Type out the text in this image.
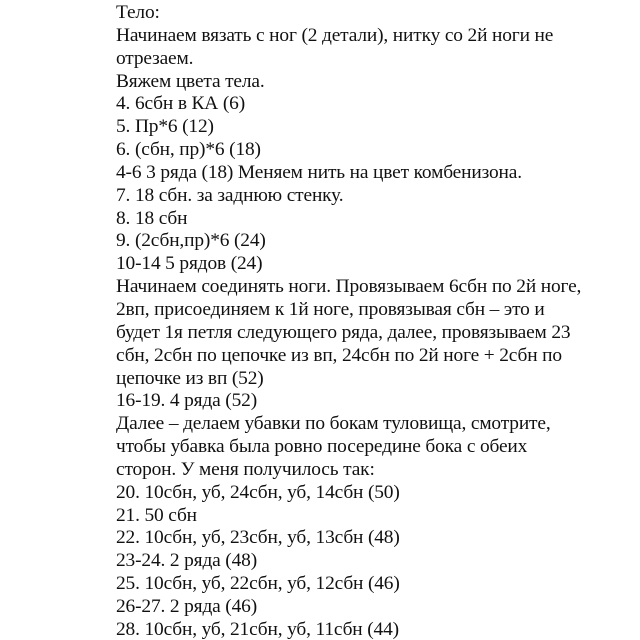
Тело:
Начинаем вязать с ног (2 детали), нитку со 2й ноги не
отрезаем.
Вяжем цвета тела.
4. 6сбн в КА (6)
5. Пр*6 (12)
6. (сбн, пр)*6 (18)
4-6 3 ряда (18) Меняем нить на цвет комбенизона.
7. 18 сбн. за заднюю стенку.
8. 18 сбн
9. (2сбн,пр)*6 (24)
10-14 5 рядов (24)
Начинаем соединять ноги. Провязываем 6сбн по 2й ноге,
2вп, присоединяем к 1й ноге, провязывая сбн – это и
будет 1я петля следующего ряда, далее, провязываем 23
сбн, 2сбн по цепочке из вп, 24сбн по 2й ноге + 2сбн по
цепочке из вп (52)
16-19. 4 ряда (52)
Далее – делаем убавки по бокам туловища, смотрите,
чтобы убавка была ровно посередине бока с обеих
сторон. У меня получилось так:
20. 10сбн, уб, 24сбн, уб, 14сбн (50)
21. 50 сбн
22. 10сбн, уб, 23сбн, уб, 13сбн (48)
23-24. 2 ряда (48)
25. 10сбн, уб, 22сбн, уб, 12сбн (46)
26-27. 2 ряда (46)
28. 10сбн, уб, 21сбн, уб, 11сбн (44)
